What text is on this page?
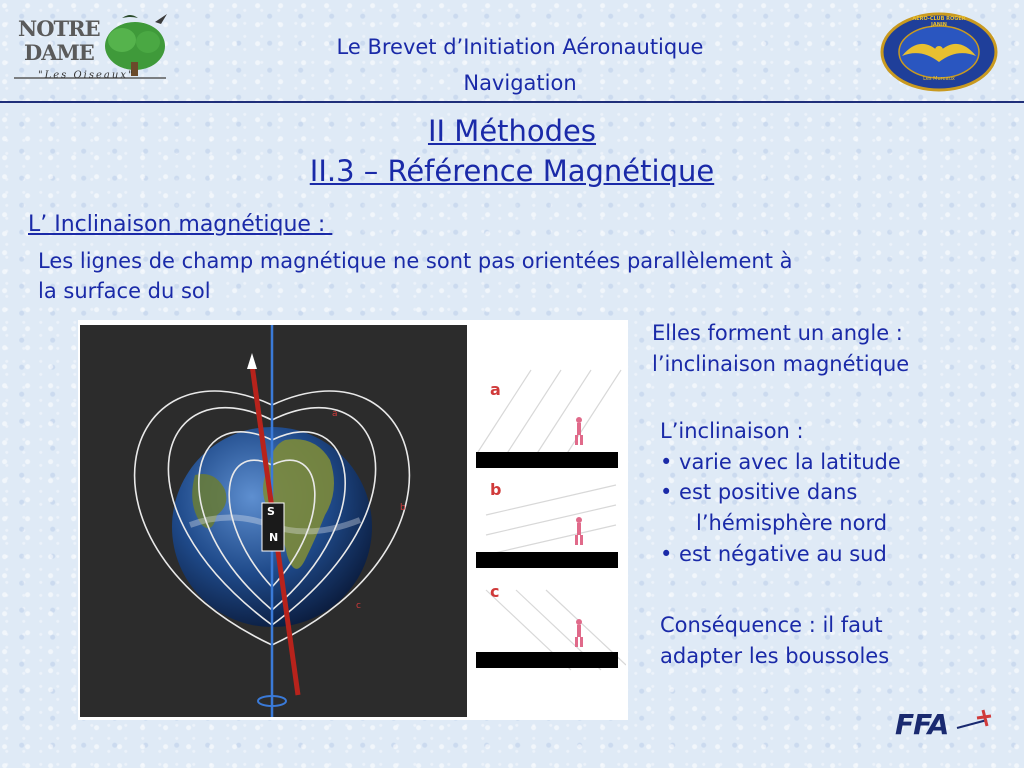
NOTRE
DAME
"Les Oiseaux"
Le Brevet d’Initiation Aéronautique
Navigation
AERO-CLUB ROGER JANIN
Les Mureaux
II Méthodes
II.3 – Référence Magnétique
L’ Inclinaison magnétique :
Les lignes de champ magnétique ne sont pas orientées parallèlement à
la surface du sol
S
N
a
b
c
a
b
c
Elles forment un angle :
l’inclinaison magnétique
L’inclinaison :
• varie avec la latitude
• est positive dans
l’hémisphère nord
• est négative au sud
Conséquence : il faut
adapter les boussoles
FFA
